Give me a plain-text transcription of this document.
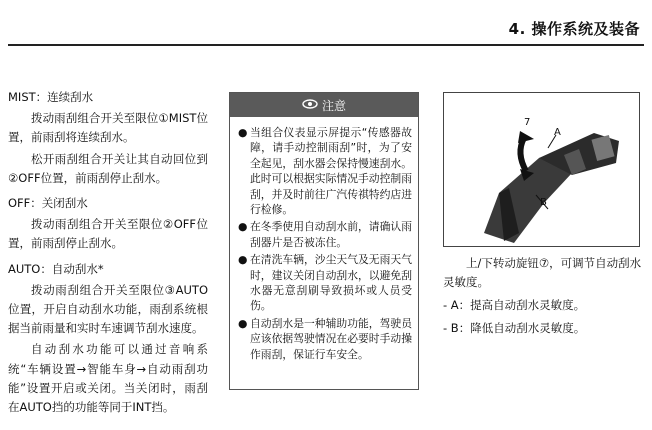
4. 操作系统及装备
MIST：连续刮水

拨动雨刮组合开关至限位①MIST位置，前雨刮将连续刮水。

松开雨刮组合开关让其自动回位到②OFF位置，前雨刮停止刮水。

OFF：关闭刮水

拨动雨刮组合开关至限位②OFF位置，前雨刮停止刮水。

AUTO：自动刮水*

拨动雨刮组合开关至限位③AUTO位置，开启自动刮水功能，雨刮系统根据当前雨量和实时车速调节刮水速度。

自动刮水功能可以通过音响系统“车辆设置→智能车身→自动雨刮功能”设置开启或关闭。当关闭时，雨刮在AUTO挡的功能等同于INT挡。

注意
● 当组合仪表显示屏提示“传感器故障，请手动控制雨刮”时，为了安全起见，刮水器会保持慢速刮水。此时可以根据实际情况手动控制雨刮，并及时前往广汽传祺特约店进行检修。
● 在冬季使用自动刮水前，请确认雨刮器片是否被冻住。
● 在清洗车辆，沙尘天气及无雨天气时，建议关闭自动刮水，以避免刮水器无意刮刷导致损坏或人员受伤。
● 自动刮水是一种辅助功能，驾驶员应该依据驾驶情况在必要时手动操作雨刮，保证行车安全。
7
A
B

上/下转动旋钮⑦，可调节自动刮水灵敏度。

- A：提高自动刮水灵敏度。
- B：降低自动刮水灵敏度。
